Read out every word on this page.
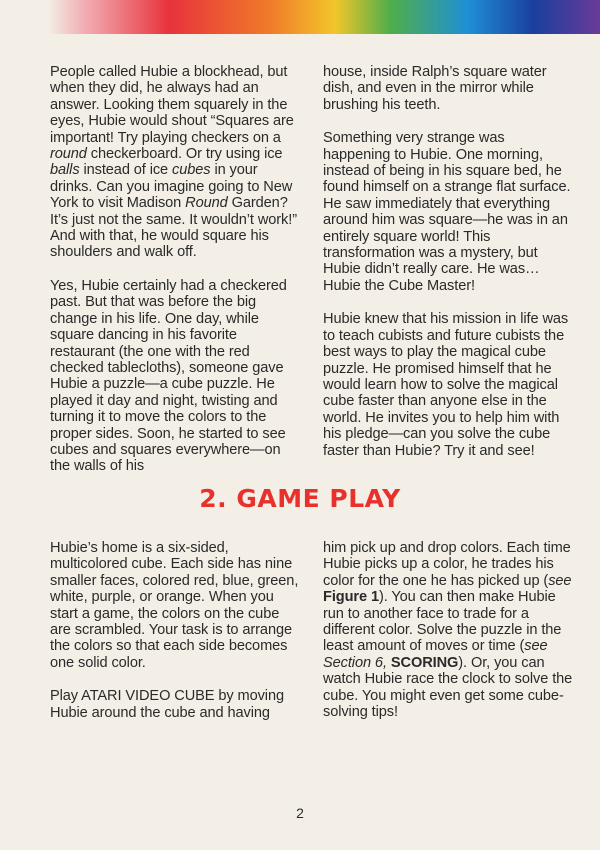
People called Hubie a blockhead, but when they did, he always had an answer. Looking them squarely in the eyes, Hubie would shout “Squares are important! Try playing checkers on a round checkerboard. Or try using ice balls instead of ice cubes in your drinks. Can you imagine going to New York to visit Madison Round Garden? It’s just not the same. It wouldn’t work!” And with that, he would square his shoulders and walk off.

Yes, Hubie certainly had a checkered past. But that was before the big change in his life. One day, while square dancing in his favorite restaurant (the one with the red checked tablecloths), someone gave Hubie a puzzle—a cube puzzle. He played it day and night, twisting and turning it to move the colors to the proper sides. Soon, he started to see cubes and squares everywhere—on the walls of his

house, inside Ralph’s square water dish, and even in the mirror while brushing his teeth.

Something very strange was happening to Hubie. One morning, instead of being in his square bed, he found himself on a strange flat surface. He saw immediately that everything around him was square—he was in an entirely square world! This transformation was a mystery, but Hubie didn’t really care. He was…Hubie the Cube Master!

Hubie knew that his mission in life was to teach cubists and future cubists the best ways to play the magical cube puzzle. He promised himself that he would learn how to solve the magical cube faster than anyone else in the world. He invites you to help him with his pledge—can you solve the cube faster than Hubie? Try it and see!

2. GAME PLAY

Hubie’s home is a six-sided, multicolored cube. Each side has nine smaller faces, colored red, blue, green, white, purple, or orange. When you start a game, the colors on the cube are scrambled. Your task is to arrange the colors so that each side becomes one solid color.

Play ATARI VIDEO CUBE by moving Hubie around the cube and having

him pick up and drop colors. Each time Hubie picks up a color, he trades his color for the one he has picked up (see Figure 1). You can then make Hubie run to another face to trade for a different color. Solve the puzzle in the least amount of moves or time (see Section 6, SCORING). Or, you can watch Hubie race the clock to solve the cube. You might even get some cube-solving tips!

2
